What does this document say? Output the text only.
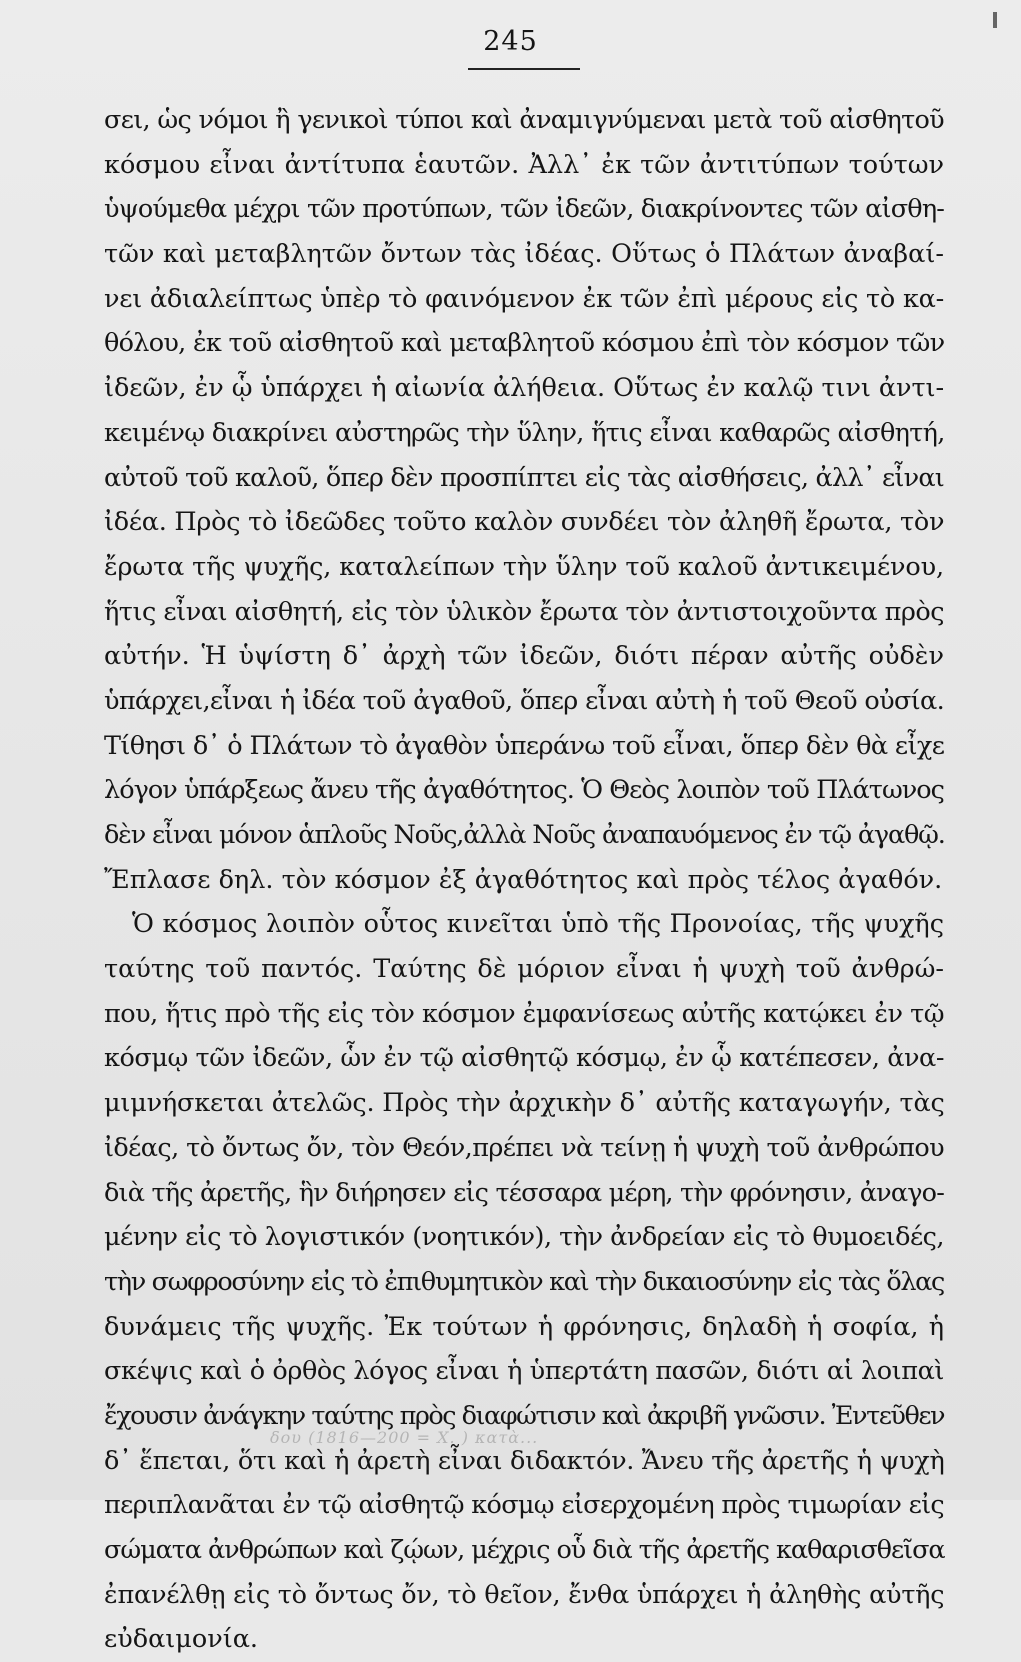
245
σει, ὡς νόμοι ἢ γενικοὶ τύποι καὶ ἀναμιγνύμεναι μετὰ τοῦ αἰσθητοῦ
κόσμου εἶναι ἀντίτυπα ἑαυτῶν. Ἀλλ᾽ ἐκ τῶν ἀντιτύπων τούτων
ὑψούμεθα μέχρι τῶν προτύπων, τῶν ἰδεῶν, διακρίνοντες τῶν αἰσθη-
τῶν καὶ μεταβλητῶν ὄντων τὰς ἰδέας. Οὕτως ὁ Πλάτων ἀναβαί-
νει ἀδιαλείπτως ὑπὲρ τὸ φαινόμενον ἐκ τῶν ἐπὶ μέρους εἰς τὸ κα-
θόλου, ἐκ τοῦ αἰσθητοῦ καὶ μεταβλητοῦ κόσμου ἐπὶ τὸν κόσμον τῶν
ἰδεῶν, ἐν ᾧ ὑπάρχει ἡ αἰωνία ἀλήθεια. Οὕτως ἐν καλῷ τινι ἀντι-
κειμένῳ διακρίνει αὐστηρῶς τὴν ὕλην, ἥτις εἶναι καθαρῶς αἰσθητή,
αὐτοῦ τοῦ καλοῦ, ὅπερ δὲν προσπίπτει εἰς τὰς αἰσθήσεις, ἀλλ᾽ εἶναι
ἰδέα. Πρὸς τὸ ἰδεῶδες τοῦτο καλὸν συνδέει τὸν ἀληθῆ ἔρωτα, τὸν
ἔρωτα τῆς ψυχῆς, καταλείπων τὴν ὕλην τοῦ καλοῦ ἀντικειμένου,
ἥτις εἶναι αἰσθητή, εἰς τὸν ὑλικὸν ἔρωτα τὸν ἀντιστοιχοῦντα πρὸς
αὐτήν. Ἡ ὑψίστη δ᾽ ἀρχὴ τῶν ἰδεῶν, διότι πέραν αὐτῆς οὐδὲν
ὑπάρχει,εἶναι ἡ ἰδέα τοῦ ἀγαθοῦ, ὅπερ εἶναι αὐτὴ ἡ τοῦ Θεοῦ οὐσία.
Τίθησι δ᾽ ὁ Πλάτων τὸ ἀγαθὸν ὑπεράνω τοῦ εἶναι, ὅπερ δὲν θὰ εἶχε
λόγον ὑπάρξεως ἄνευ τῆς ἀγαθότητος. Ὁ Θεὸς λοιπὸν τοῦ Πλάτωνος
δὲν εἶναι μόνον ἁπλοῦς Νοῦς,ἀλλὰ Νοῦς ἀναπαυόμενος ἐν τῷ ἀγαθῷ.
Ἔπλασε δηλ. τὸν κόσμον ἐξ ἀγαθότητος καὶ πρὸς τέλος ἀγαθόν.
Ὁ κόσμος λοιπὸν οὗτος κινεῖται ὑπὸ τῆς Προνοίας, τῆς ψυχῆς
ταύτης τοῦ παντός. Ταύτης δὲ μόριον εἶναι ἡ ψυχὴ τοῦ ἀνθρώ-
που, ἥτις πρὸ τῆς εἰς τὸν κόσμον ἐμφανίσεως αὐτῆς κατῴκει ἐν τῷ
κόσμῳ τῶν ἰδεῶν, ὧν ἐν τῷ αἰσθητῷ κόσμῳ, ἐν ᾧ κατέπεσεν, ἀνα-
μιμνήσκεται ἀτελῶς. Πρὸς τὴν ἀρχικὴν δ᾽ αὐτῆς καταγωγήν, τὰς
ἰδέας, τὸ ὄντως ὄν, τὸν Θεόν,πρέπει νὰ τείνῃ ἡ ψυχὴ τοῦ ἀνθρώπου
διὰ τῆς ἀρετῆς, ἣν διήρησεν εἰς τέσσαρα μέρη, τὴν φρόνησιν, ἀναγο-
μένην εἰς τὸ λογιστικόν (νοητικόν), τὴν ἀνδρείαν εἰς τὸ θυμοειδές,
τὴν σωφροσύνην εἰς τὸ ἐπιθυμητικὸν καὶ τὴν δικαιοσύνην εἰς τὰς ὅλας
δυνάμεις τῆς ψυχῆς. Ἐκ τούτων ἡ φρόνησις, δηλαδὴ ἡ σοφία, ἡ
σκέψις καὶ ὁ ὀρθὸς λόγος εἶναι ἡ ὑπερτάτη πασῶν, διότι αἱ λοιπαὶ
ἔχουσιν ἀνάγκην ταύτης πρὸς διαφώτισιν καὶ ἀκριβῆ γνῶσιν. Ἐντεῦθεν
δ᾽ ἕπεται, ὅτι καὶ ἡ ἀρετὴ εἶναι διδακτόν. Ἄνευ τῆς ἀρετῆς ἡ ψυχὴ
περιπλανᾶται ἐν τῷ αἰσθητῷ κόσμῳ εἰσερχομένη πρὸς τιμωρίαν εἰς
σώματα ἀνθρώπων καὶ ζῴων, μέχρις οὗ διὰ τῆς ἀρετῆς καθαρισθεῖσα
ἐπανέλθῃ εἰς τὸ ὄντως ὄν, τὸ θεῖον, ἔνθα ὑπάρχει ἡ ἀληθὴς αὐτῆς
εὐδαιμονία.
δου (1816—200 = Χ. ) κατὰ...
